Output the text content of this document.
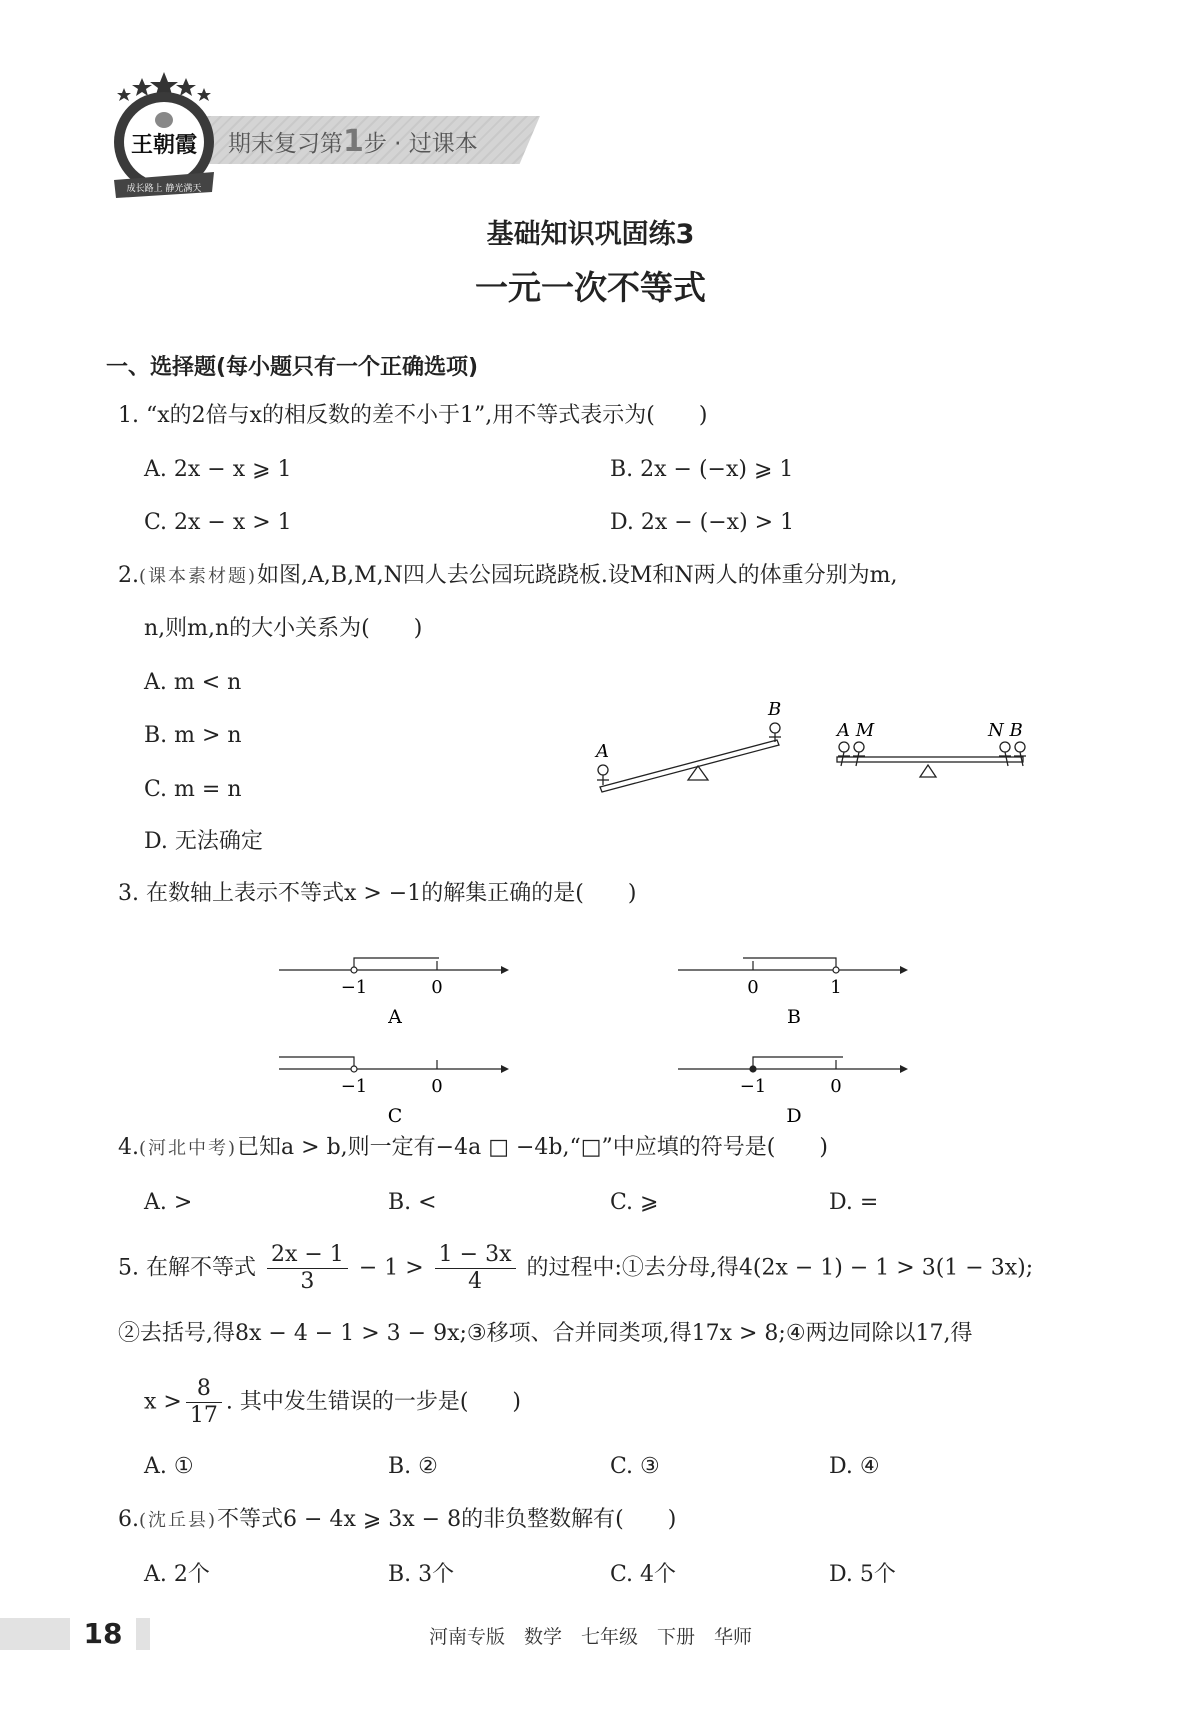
期末复习第1步 · 过课本
王朝霞
成长路上 静光满天
基础知识巩固练3
一元一次不等式
一、选择题(每小题只有一个正确选项)
1. “x的2倍与x的相反数的差不小于1”,用不等式表示为(　　)
A. 2x − x ⩾ 1	B. 2x − (−x) ⩾ 1
C. 2x − x > 1	D. 2x − (−x) > 1
2.(课本素材题)如图,A,B,M,N四人去公园玩跷跷板.设M和N两人的体重分别为m,
n,则m,n的大小关系为(　　)
A. m < n
B. m > n
C. m = n
D. 无法确定
A
B
A M	N B
3. 在数轴上表示不等式x > −1的解集正确的是(　　)
−1	0
A
0	1
B
−1	0
C
−1	0
D
4.(河北中考)已知a > b,则一定有−4a □ −4b,“□”中应填的符号是(　　)
A. >	B. <	C. ⩾	D. =
5. 在解不等式 $\frac{2x - 1}{3} - 1 > \frac{1 - 3x}{4}$ 的过程中:①去分母,得4(2x − 1) − 1 > 3(1 − 3x);
②去括号,得8x − 4 − 1 > 3 − 9x;③移项、合并同类项,得17x > 8;④两边同除以17,得
$x > \frac{8}{17}$ . 其中发生错误的一步是(　　)
A. ①	B. ②	C. ③	D. ④
6.(沈丘县)不等式6 − 4x ⩾ 3x − 8的非负整数解有(　　)
A. 2个	B. 3个	C. 4个	D. 5个
18	河南专版　数学　七年级　下册　华师
